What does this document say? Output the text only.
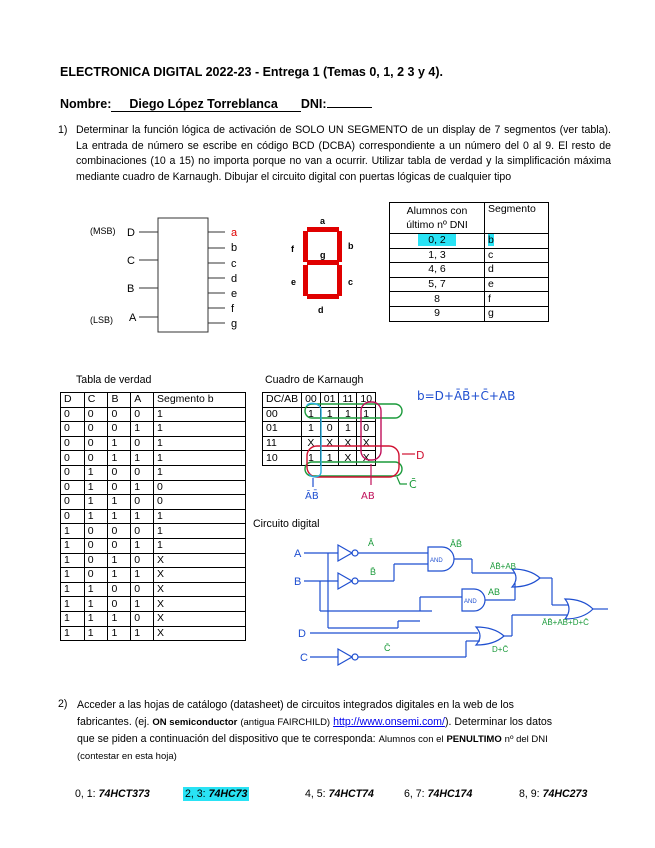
ELECTRONICA DIGITAL 2022-23 - Entrega 1 (Temas 0, 1, 2 3 y 4).
Nombre: Diego López Torreblanca DNI:
1) Determinar la función lógica de activación de SOLO UN SEGMENTO de un display de 7 segmentos (ver tabla). La entrada de número se escribe en código BCD (DCBA) correspondiente a un número del 0 al 9. El resto de combinaciones (10 a 15) no importa porque no van a ocurrir. Utilizar tabla de verdad y la simplificación máxima mediante cuadro de Karnaugh. Dibujar el circuito digital con puertas lógicas de cualquier tipo
(MSB)
(LSB)
D
C
B
A
a
b
c
d
e
f
g
a
b
c
d
e
f
g
Alumnos con último nº DNI	Segmento
0, 2	b
1, 3	c
4, 6	d
5, 7	e
8	f
9	g
Tabla de verdad
D	C	B	A	Segmento b
0	0	0	0	1
0	0	0	1	1
0	0	1	0	1
0	0	1	1	1
0	1	0	0	1
0	1	0	1	0
0	1	1	0	0
0	1	1	1	1
1	0	0	0	1
1	0	0	1	1
1	0	1	0	X
1	0	1	1	X
1	1	0	0	X
1	1	0	1	X
1	1	1	0	X
1	1	1	1	X
Cuadro de Karnaugh
DC/AB	00	01	11	10
00	1	1	1	1
01	1	0	1	0
11	X	X	X	X
10	1	1	X	X	D
C̄
ĀB̄	AB
b=D+ĀB̄+C̄+AB
Circuito digital
A
B
D
C
AND
AND
Ā
B̄
ĀB̄
ĀB̄+AB
AB
C̄	D+C̄
ĀB̄+AB+D+C̄
2) Acceder a las hojas de catálogo (datasheet) de circuitos integrados digitales en la web de los
fabricantes. (ej. ON semiconductor (antigua FAIRCHILD) http://www.onsemi.com/). Determinar los datos
que se piden a continuación del dispositivo que te corresponda: Alumnos con el PENULTIMO nº del DNI
(contestar en esta hoja)
0, 1: 74HCT373	2, 3: 74HC73	4, 5: 74HCT74	6, 7: 74HC174	8, 9: 74HC273
